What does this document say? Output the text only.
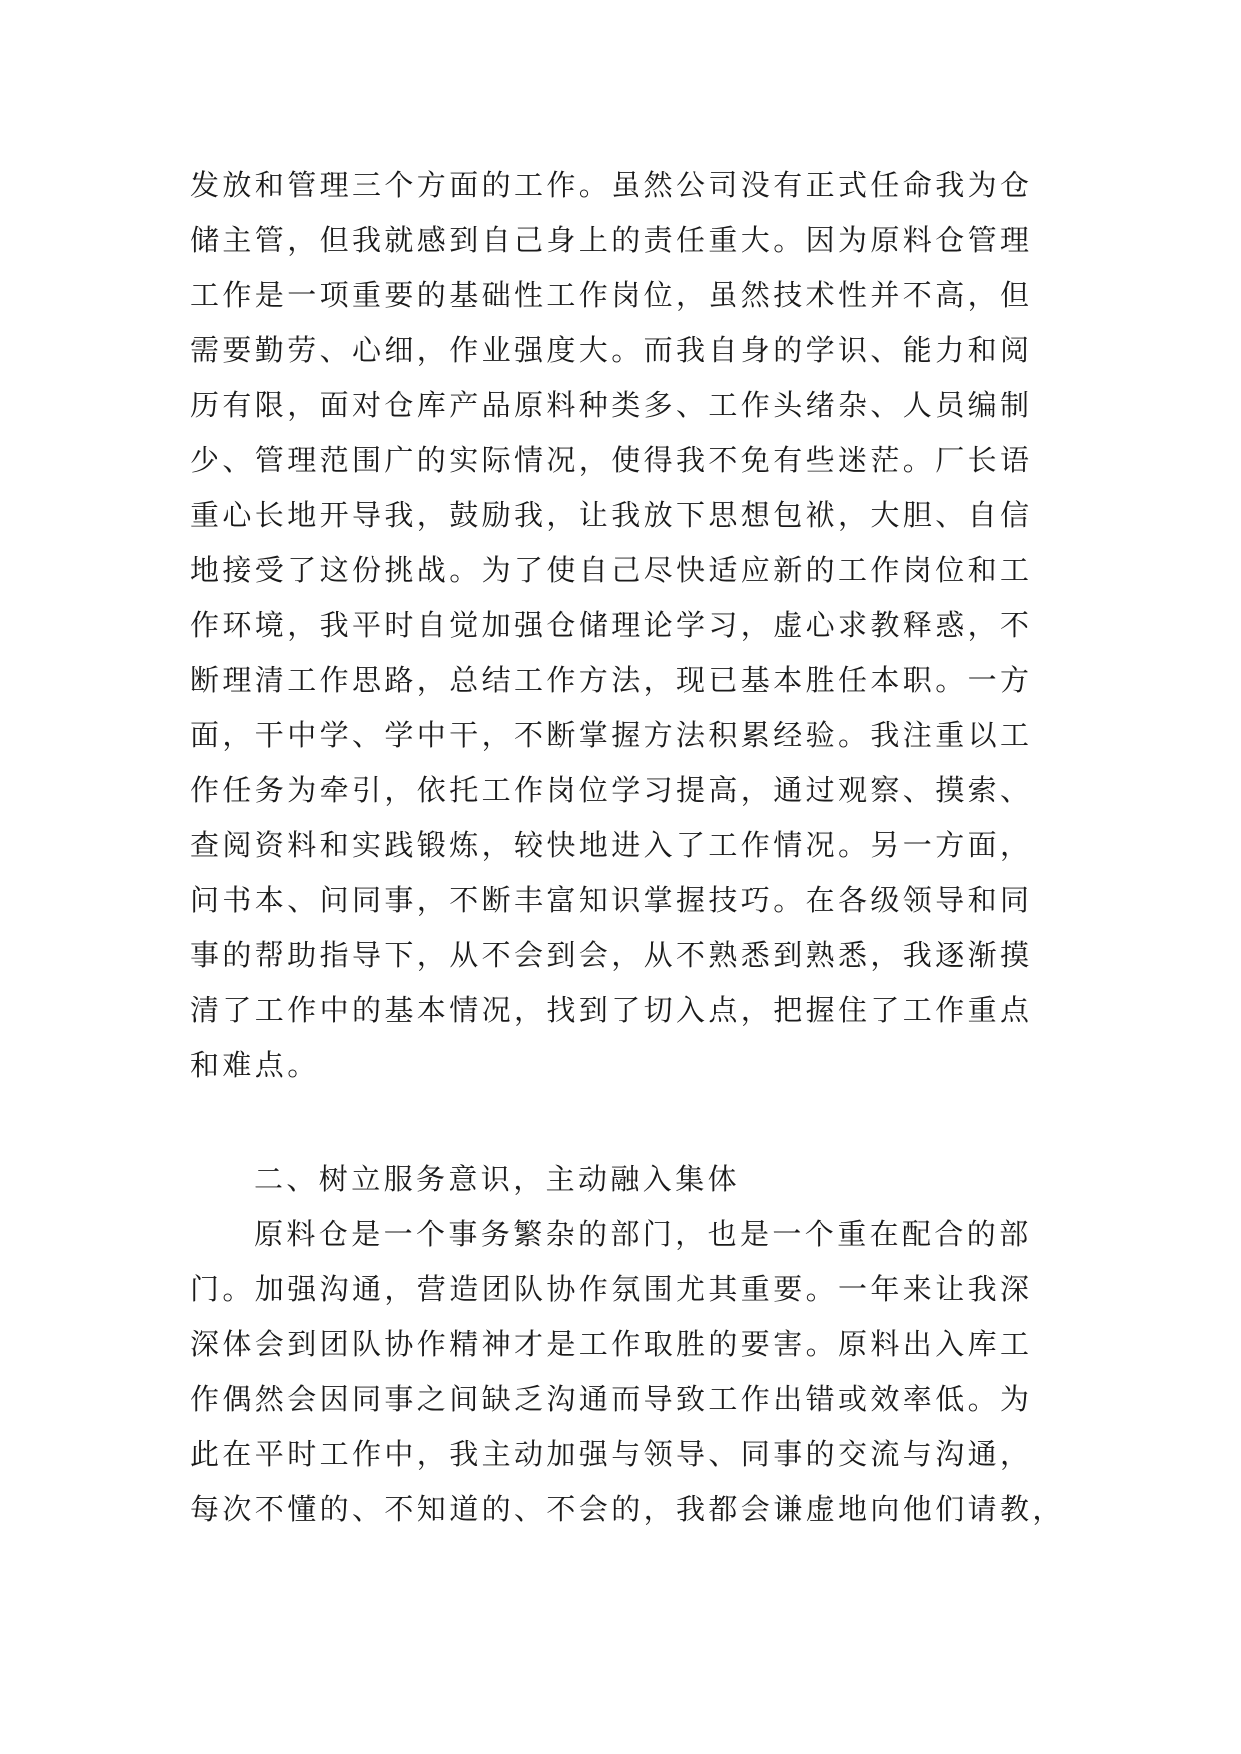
发放和管理三个方面的工作。虽然公司没有正式任命我为仓
储主管，但我就感到自己身上的责任重大。因为原料仓管理
工作是一项重要的基础性工作岗位，虽然技术性并不高，但
需要勤劳、心细，作业强度大。而我自身的学识、能力和阅
历有限，面对仓库产品原料种类多、工作头绪杂、人员编制
少、管理范围广的实际情况，使得我不免有些迷茫。厂长语
重心长地开导我，鼓励我，让我放下思想包袱，大胆、自信
地接受了这份挑战。为了使自己尽快适应新的工作岗位和工
作环境，我平时自觉加强仓储理论学习，虚心求教释惑，不
断理清工作思路，总结工作方法，现已基本胜任本职。一方
面，干中学、学中干，不断掌握方法积累经验。我注重以工
作任务为牵引，依托工作岗位学习提高，通过观察、摸索、
查阅资料和实践锻炼，较快地进入了工作情况。另一方面，
问书本、问同事，不断丰富知识掌握技巧。在各级领导和同
事的帮助指导下，从不会到会，从不熟悉到熟悉，我逐渐摸
清了工作中的基本情况，找到了切入点，把握住了工作重点
和难点。
二、树立服务意识，主动融入集体
原料仓是一个事务繁杂的部门，也是一个重在配合的部
门。加强沟通，营造团队协作氛围尤其重要。一年来让我深
深体会到团队协作精神才是工作取胜的要害。原料出入库工
作偶然会因同事之间缺乏沟通而导致工作出错或效率低。为
此在平时工作中，我主动加强与领导、同事的交流与沟通，
每次不懂的、不知道的、不会的，我都会谦虚地向他们请教，
